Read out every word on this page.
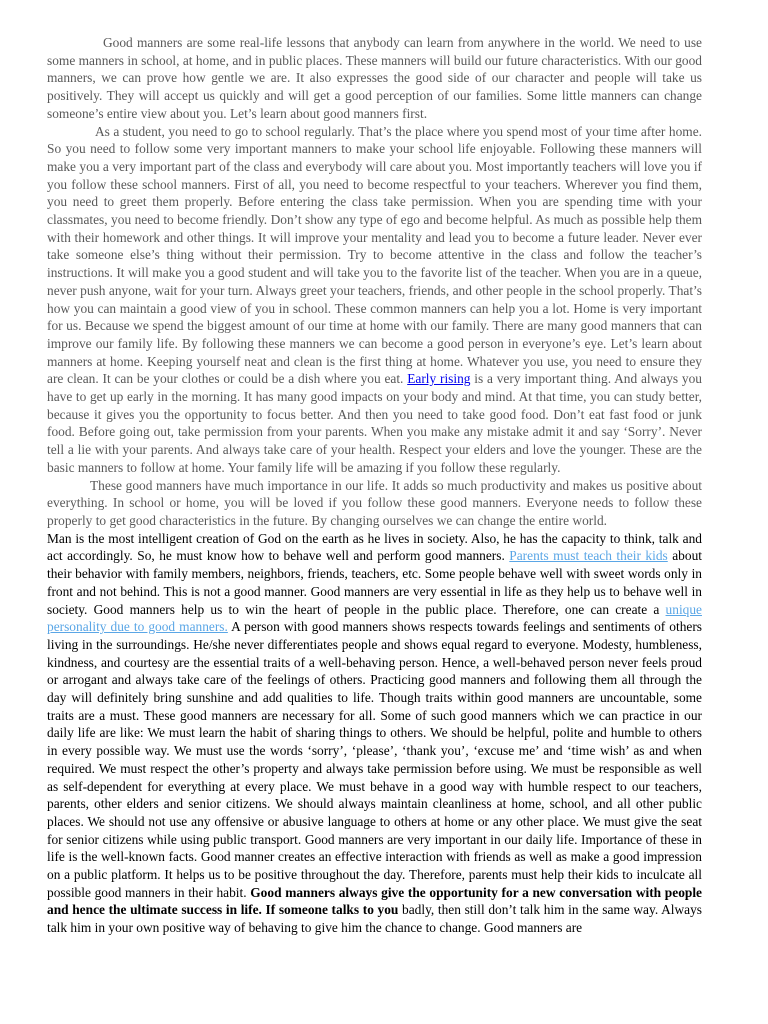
Good manners are some real-life lessons that anybody can learn from anywhere in the world. We need to use some manners in school, at home, and in public places. These manners will build our future characteristics. With our good manners, we can prove how gentle we are. It also expresses the good side of our character and people will take us positively. They will accept us quickly and will get a good perception of our families. Some little manners can change someone’s entire view about you. Let’s learn about good manners first.

As a student, you need to go to school regularly. That’s the place where you spend most of your time after home. So you need to follow some very important manners to make your school life enjoyable. Following these manners will make you a very important part of the class and everybody will care about you. Most importantly teachers will love you if you follow these school manners. First of all, you need to become respectful to your teachers. Wherever you find them, you need to greet them properly. Before entering the class take permission. When you are spending time with your classmates, you need to become friendly. Don’t show any type of ego and become helpful. As much as possible help them with their homework and other things. It will improve your mentality and lead you to become a future leader. Never ever take someone else’s thing without their permission. Try to become attentive in the class and follow the teacher’s instructions. It will make you a good student and will take you to the favorite list of the teacher. When you are in a queue, never push anyone, wait for your turn. Always greet your teachers, friends, and other people in the school properly. That’s how you can maintain a good view of you in school. These common manners can help you a lot. Home is very important for us. Because we spend the biggest amount of our time at home with our family. There are many good manners that can improve our family life. By following these manners we can become a good person in everyone’s eye. Let’s learn about manners at home. Keeping yourself neat and clean is the first thing at home. Whatever you use, you need to ensure they are clean. It can be your clothes or could be a dish where you eat. Early rising is a very important thing. And always you have to get up early in the morning. It has many good impacts on your body and mind. At that time, you can study better, because it gives you the opportunity to focus better. And then you need to take good food. Don’t eat fast food or junk food. Before going out, take permission from your parents. When you make any mistake admit it and say ‘Sorry’. Never tell a lie with your parents. And always take care of your health. Respect your elders and love the younger. These are the basic manners to follow at home. Your family life will be amazing if you follow these regularly.

These good manners have much importance in our life. It adds so much productivity and makes us positive about everything. In school or home, you will be loved if you follow these good manners. Everyone needs to follow these properly to get good characteristics in the future. By changing ourselves we can change the entire world.

Man is the most intelligent creation of God on the earth as he lives in society. Also, he has the capacity to think, talk and act accordingly. So, he must know how to behave well and perform good manners. Parents must teach their kids about their behavior with family members, neighbors, friends, teachers, etc. Some people behave well with sweet words only in front and not behind. This is not a good manner. Good manners are very essential in life as they help us to behave well in society. Good manners help us to win the heart of people in the public place. Therefore, one can create a unique personality due to good manners. A person with good manners shows respects towards feelings and sentiments of others living in the surroundings. He/she never differentiates people and shows equal regard to everyone. Modesty, humbleness, kindness, and courtesy are the essential traits of a well-behaving person. Hence, a well-behaved person never feels proud or arrogant and always take care of the feelings of others. Practicing good manners and following them all through the day will definitely bring sunshine and add qualities to life. Though traits within good manners are uncountable, some traits are a must. These good manners are necessary for all. Some of such good manners which we can practice in our daily life are like: We must learn the habit of sharing things to others. We should be helpful, polite and humble to others in every possible way. We must use the words ‘sorry’, ‘please’, ‘thank you’, ‘excuse me’ and ‘time wish’ as and when required. We must respect the other’s property and always take permission before using. We must be responsible as well as self-dependent for everything at every place. We must behave in a good way with humble respect to our teachers, parents, other elders and senior citizens. We should always maintain cleanliness at home, school, and all other public places. We should not use any offensive or abusive language to others at home or any other place. We must give the seat for senior citizens while using public transport. Good manners are very important in our daily life. Importance of these in life is the well-known facts. Good manner creates an effective interaction with friends as well as make a good impression on a public platform. It helps us to be positive throughout the day. Therefore, parents must help their kids to inculcate all possible good manners in their habit. Good manners always give the opportunity for a new conversation with people and hence the ultimate success in life. If someone talks to you badly, then still don’t talk him in the same way. Always talk him in your own positive way of behaving to give him the chance to change. Good manners are
